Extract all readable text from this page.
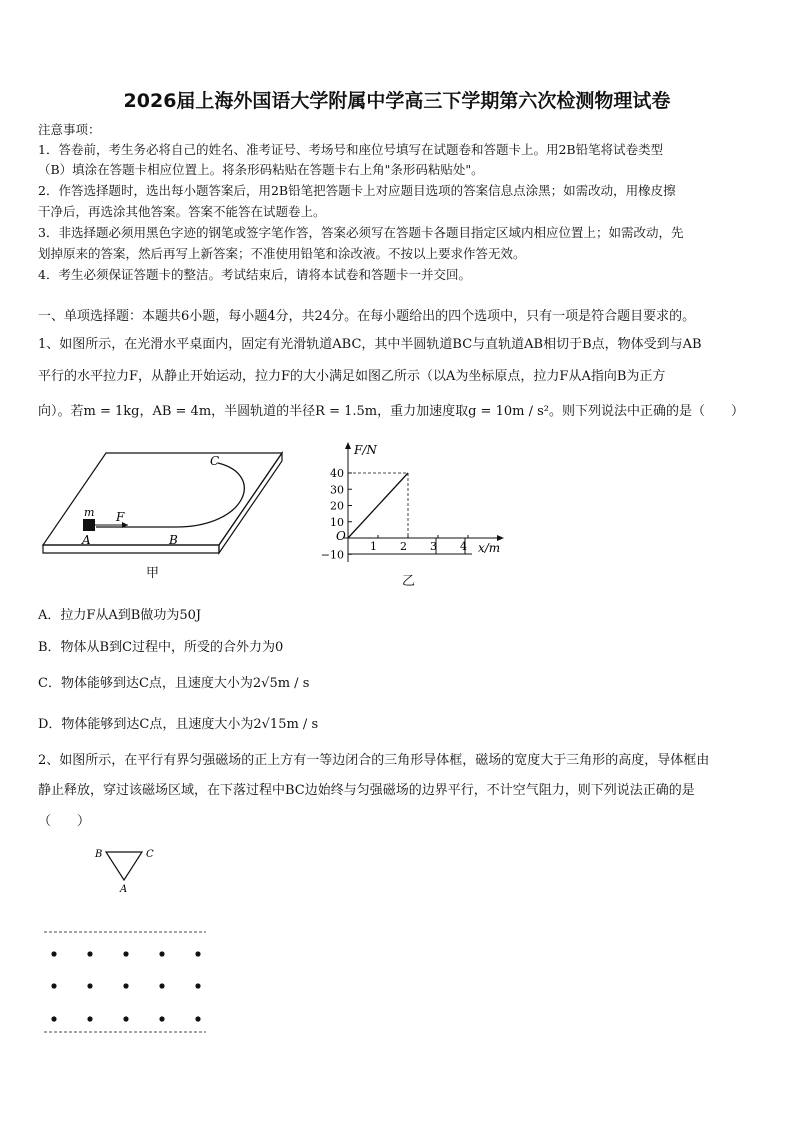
2026届上海外国语大学附属中学高三下学期第六次检测物理试卷
注意事项：
1．答卷前，考生务必将自己的姓名、准考证号、考场号和座位号填写在试题卷和答题卡上。用2B铅笔将试卷类型
（B）填涂在答题卡相应位置上。将条形码粘贴在答题卡右上角"条形码粘贴处"。
2．作答选择题时，选出每小题答案后，用2B铅笔把答题卡上对应题目选项的答案信息点涂黑；如需改动，用橡皮擦
干净后，再选涂其他答案。答案不能答在试题卷上。
3．非选择题必须用黑色字迹的钢笔或签字笔作答，答案必须写在答题卡各题目指定区域内相应位置上；如需改动，先
划掉原来的答案，然后再写上新答案；不准使用铅笔和涂改液。不按以上要求作答无效。
4．考生必须保证答题卡的整洁。考试结束后，请将本试卷和答题卡一并交回。
一、单项选择题：本题共6小题，每小题4分，共24分。在每小题给出的四个选项中，只有一项是符合题目要求的。
1、如图所示，在光滑水平桌面内，固定有光滑轨道ABC，其中半圆轨道BC与直轨道AB相切于B点，物体受到与AB
平行的水平拉力F，从静止开始运动，拉力F的大小满足如图乙所示（以A为坐标原点，拉力F从A指向B为正方
向）。若m = 1kg，AB = 4m，半圆轨道的半径R = 1.5m，重力加速度取g = 10m / s²。则下列说法中正确的是（　　）
C
m F
A	B
甲
−10
10
20
30
40
1 2 3 4
F/N
x/m
O
乙
A．拉力F从A到B做功为50J
B．物体从B到C过程中，所受的合外力为0
C．物体能够到达C点，且速度大小为2√5m / s
D．物体能够到达C点，且速度大小为2√15m / s
2、如图所示，在平行有界匀强磁场的正上方有一等边闭合的三角形导体框，磁场的宽度大于三角形的高度，导体框由
静止释放，穿过该磁场区域，在下落过程中BC边始终与匀强磁场的边界平行，不计空气阻力，则下列说法正确的是
（　　）
B	C
A
